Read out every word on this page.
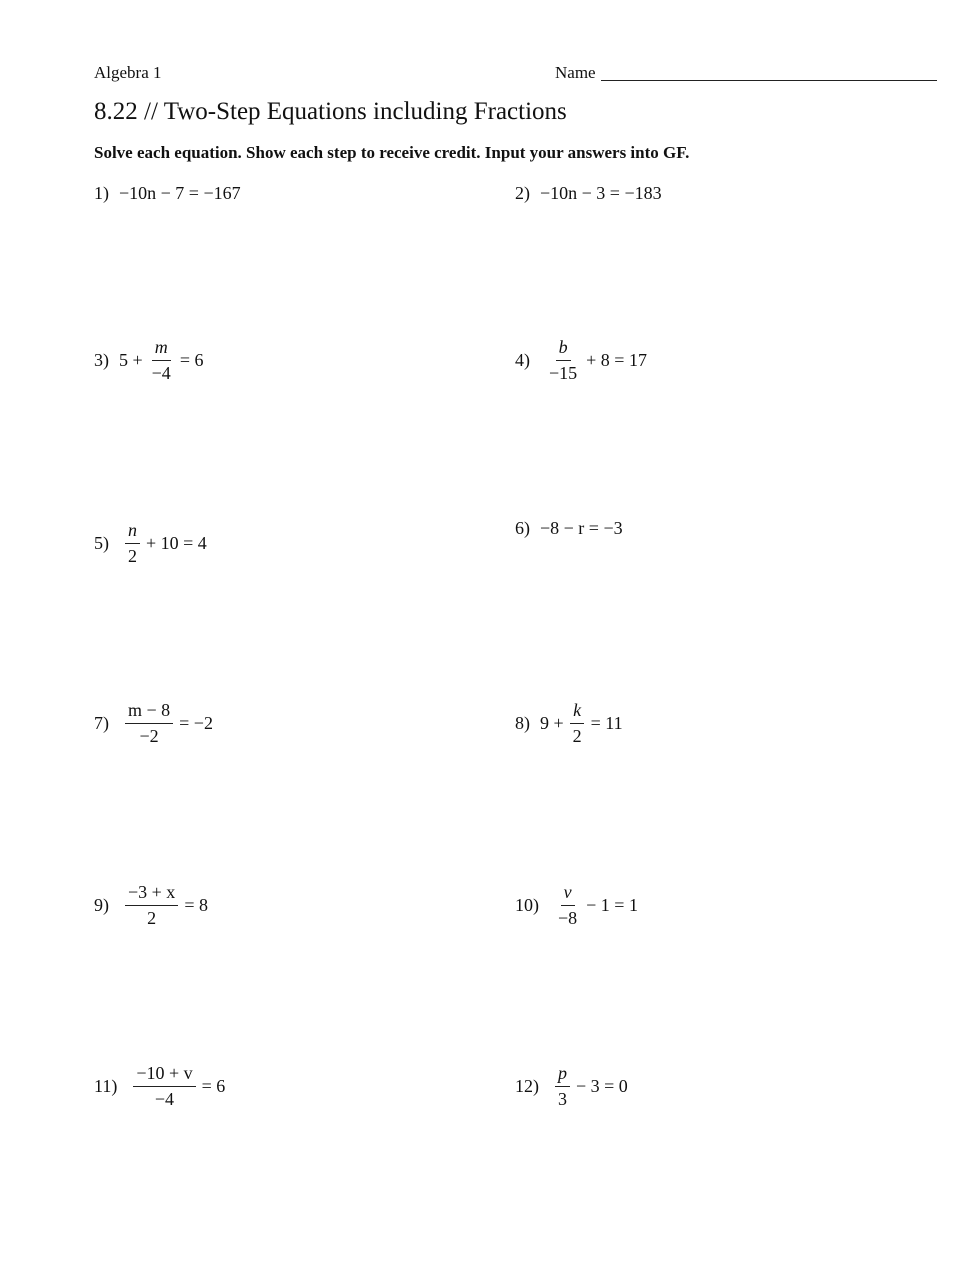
Algebra 1	Name
8.22 // Two-Step Equations including Fractions
Solve each equation. Show each step to receive credit. Input your answers into GF.
1) −10n − 7 = −167	2) −10n − 3 = −183
3) $5 + \frac{m}{-4} = 6$	$4) \frac{b}{-15} + 8 = 17$
$5) \frac{n}{2} + 10 = 4$
6) −8 − r = −3
$7) \frac{m - 8}{-2} = -2$	8) $9 + \frac{k}{2} = 11$
$9) \frac{-3 + x}{2} = 8$	$10) \frac{v}{-8} - 1 = 1$
$11) \frac{-10 + v}{-4} = 6$	$12) \frac{p}{3} - 3 = 0$
